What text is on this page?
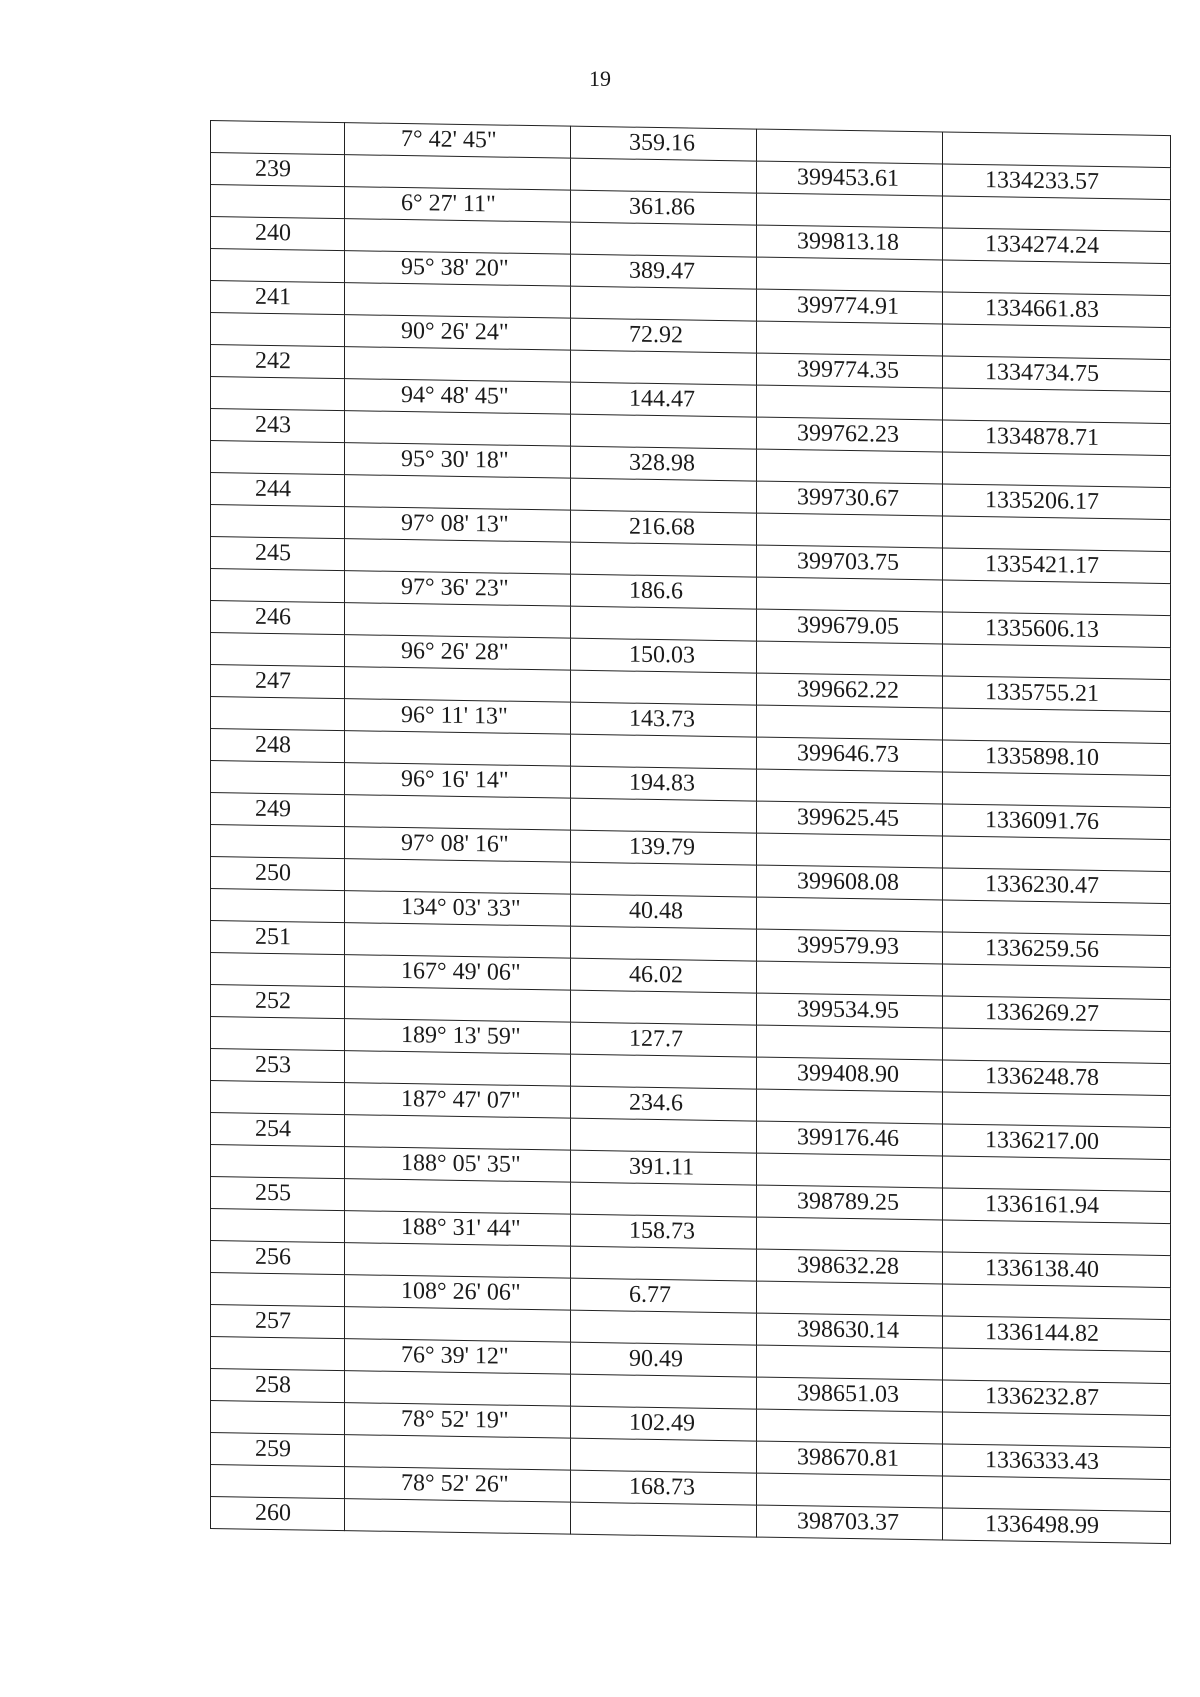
19
	7° 42' 45"	359.16		
239			399453.61	1334233.57
	6° 27' 11"	361.86		
240			399813.18	1334274.24
	95° 38' 20"	389.47		
241			399774.91	1334661.83
	90° 26' 24"	72.92		
242			399774.35	1334734.75
	94° 48' 45"	144.47		
243			399762.23	1334878.71
	95° 30' 18"	328.98		
244			399730.67	1335206.17
	97° 08' 13"	216.68		
245			399703.75	1335421.17
	97° 36' 23"	186.6		
246			399679.05	1335606.13
	96° 26' 28"	150.03		
247			399662.22	1335755.21
	96° 11' 13"	143.73		
248			399646.73	1335898.10
	96° 16' 14"	194.83		
249			399625.45	1336091.76
	97° 08' 16"	139.79		
250			399608.08	1336230.47
	134° 03' 33"	40.48		
251			399579.93	1336259.56
	167° 49' 06"	46.02		
252			399534.95	1336269.27
	189° 13' 59"	127.7		
253			399408.90	1336248.78
	187° 47' 07"	234.6		
254			399176.46	1336217.00
	188° 05' 35"	391.11		
255			398789.25	1336161.94
	188° 31' 44"	158.73		
256			398632.28	1336138.40
	108° 26' 06"	6.77		
257			398630.14	1336144.82
	76° 39' 12"	90.49		
258			398651.03	1336232.87
	78° 52' 19"	102.49		
259			398670.81	1336333.43
	78° 52' 26"	168.73		
260			398703.37	1336498.99
